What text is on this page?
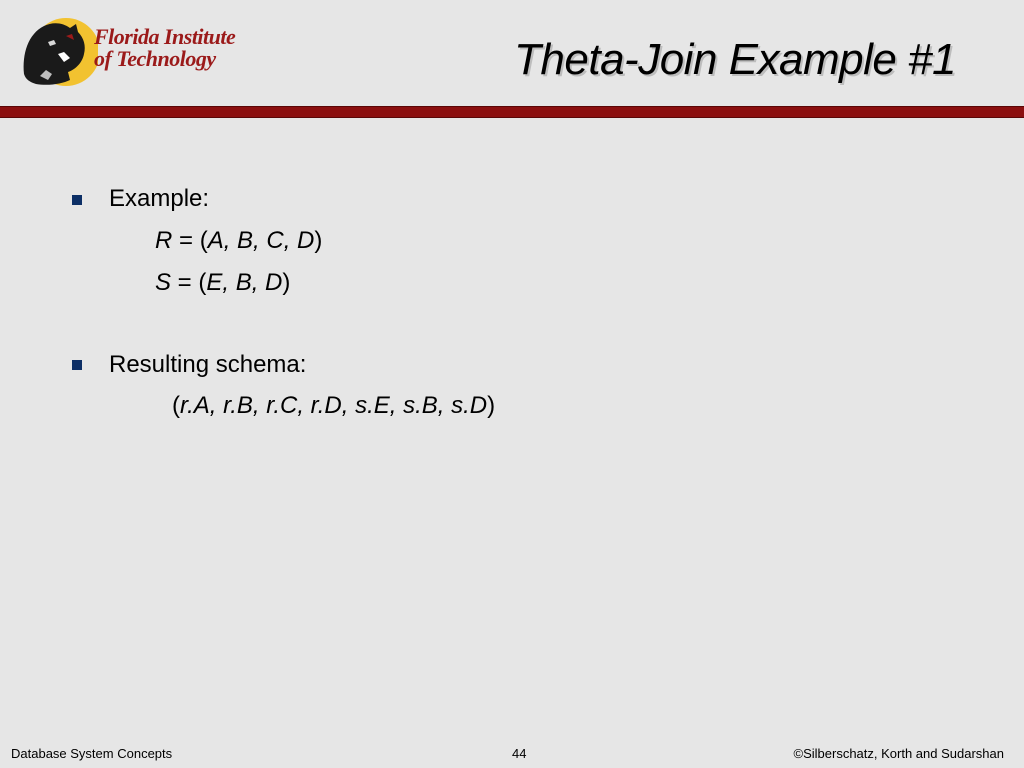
Florida Institute
of Technology	Theta-Join Example #1
Example:
R = (A, B, C, D)
S = (E, B, D)
Resulting schema:
(r.A, r.B, r.C, r.D, s.E, s.B, s.D)
Database System Concepts	44	©Silberschatz, Korth and Sudarshan
